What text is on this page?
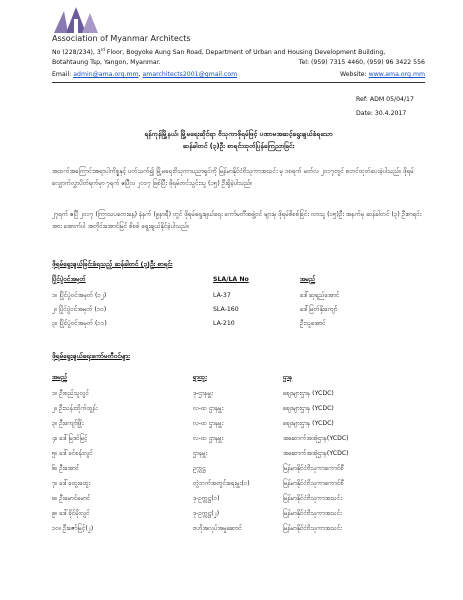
Association of Myanmar Architects
No (228/234), 3rd Floor, Bogyoke Aung San Road, Department of Urban and Housing Development Building,
Botahtaung Tsp, Yangon, Myanmar.	Tel: (959) 7315 4460, (959) 96 3422 556
Email: admin@ama.org.mm, amarchitects2001@gmail.com	Website: www.ama.org.mm
Ref: ADM 05/04/17
Date: 30.4.2017
ရန်ကုန်မြို့နယ်၊ မြို့မရေးဆိုင်ရာ ဗိသုကာဖိုရမ်ဖြင့် ပဏာမအဆင့်ရွေးချယ်ခံရသော
ဆန်ခါတင် (၃)ဦး စာရင်းထုတ်ပြန်ကြေညာခြင်း
အထက်အကြောင်းအရာပါကိစ္စနှင့် ပတ်သက်၍ မြို့မရေးဗိသုကာပညာရှင်ကို မြန်မာနိုင်ငံဗိသုကာအသင်း မှ ၁၈ရက် မတ်လ ၂၀၁၇တွင် စတင်ထုတ်ပေးခဲ့ပါသည်။ ဖိုရမ်လျှောက်လွှာပိတ်ရက်မှာ ၇ရက် ဧပြီလ ၂၀၁၇ ဖြစ်ပြီး ဖိုရမ်တင်သွင်းသူ (၁၅) ဦးရှိခဲ့ပါသည်။
၂၇ရက် ဧပြီ ၂၀၁၇ (ကြာသပတေးနေ့) နံနက် (၉နာရီ) တွင် ဖိုရမ်ရွေးချယ်ရေး ကော်မတီအဖွဲ့ဝင် များမှ ဖိုရမ်စိစစ်ခြင်း လာသူ (၁၅)ဦး အနက်မှ ဆန်ခါတင် (၃) ဦးစာရင်းအား အောက်ပါ အတိုင်းအောင်မြင် စိစစ် ရွေးချယ်နိုင်ခဲ့ပါသည်။
ဖိုရမ်ရွေးချယ်ခြင်းခံရသည့် ဆန်ခါတင် (၃)ဦး စာရင်း
ပြိုင်ပွဲဝင်အမှတ်	SLA/LA No	အမည်
၁။ ပြိုင်ပွဲဝင်အမှတ် (၁၂)	LA-37	ဒေါ်ဆုရည်အောင်
၂။ ပြိုင်ပွဲဝင်အမှတ် (၁၀)	SLA-160	ဒေါ်မြတ်နိုးကျော်
၃။ ပြိုင်ပွဲဝင်အမှတ် (၁၁)	LA-210	ဦးသူအောင်
ဖိုရမ်ရွေးချယ်ရေးကော်မတီဝင်များ
အမည်	ရာထူး	ဌာန
၁။ ဦးစည်သူလွင်	ဒု-ဌာနမှူး	စျေးများဌာန (YCDC)
၂။ ဦးသန်းထိုက်ထွန်း	လ-ထ ဌာနမှူး	စျေးများဌာန (YCDC)
၃။ ဦးကျော်ဖြိုး	လ-ထ ဌာနမှူး	စျေးများဌာန (YCDC)
၄။ ဒေါ်မြဒင်မြင့်	လ-ထ ဌာနမှူး	အဆောက်အအုံဌာန(YCDC)
၅။ ဒေါ်ခင်စန်းလွင်	ဌာနမှူး	အဆောက်အအုံဌာန(YCDC)
၆။ ဦးအောင်	ဥက္ကဋ္ဌ	မြန်မာနိုင်ငံဗိသုကာကောင်စီ
၇။ ဒေါ်ထွေးထွေး	တွဲဘက်အတွင်းရေးမှူး(၁)	မြန်မာနိုင်ငံဗိသုကာကောင်စီ
၈။ ဦးမောင်မောင်	ဒု-ဥက္ကဋ္ဌ(၁)	မြန်မာနိုင်ငံဗိသုကာအသင်း
၉။ ဒေါ်ခိုင်မိုးလွင်	ဒု-ဥက္ကဋ္ဌ(၂)	မြန်မာနိုင်ငံဗိသုကာအသင်း
၁၀။ ဦးဇော်မြင့်(၂)	ဗဟိုအလုပ်အမှုဆောင်	မြန်မာနိုင်ငံဗိသုကာအသင်း
